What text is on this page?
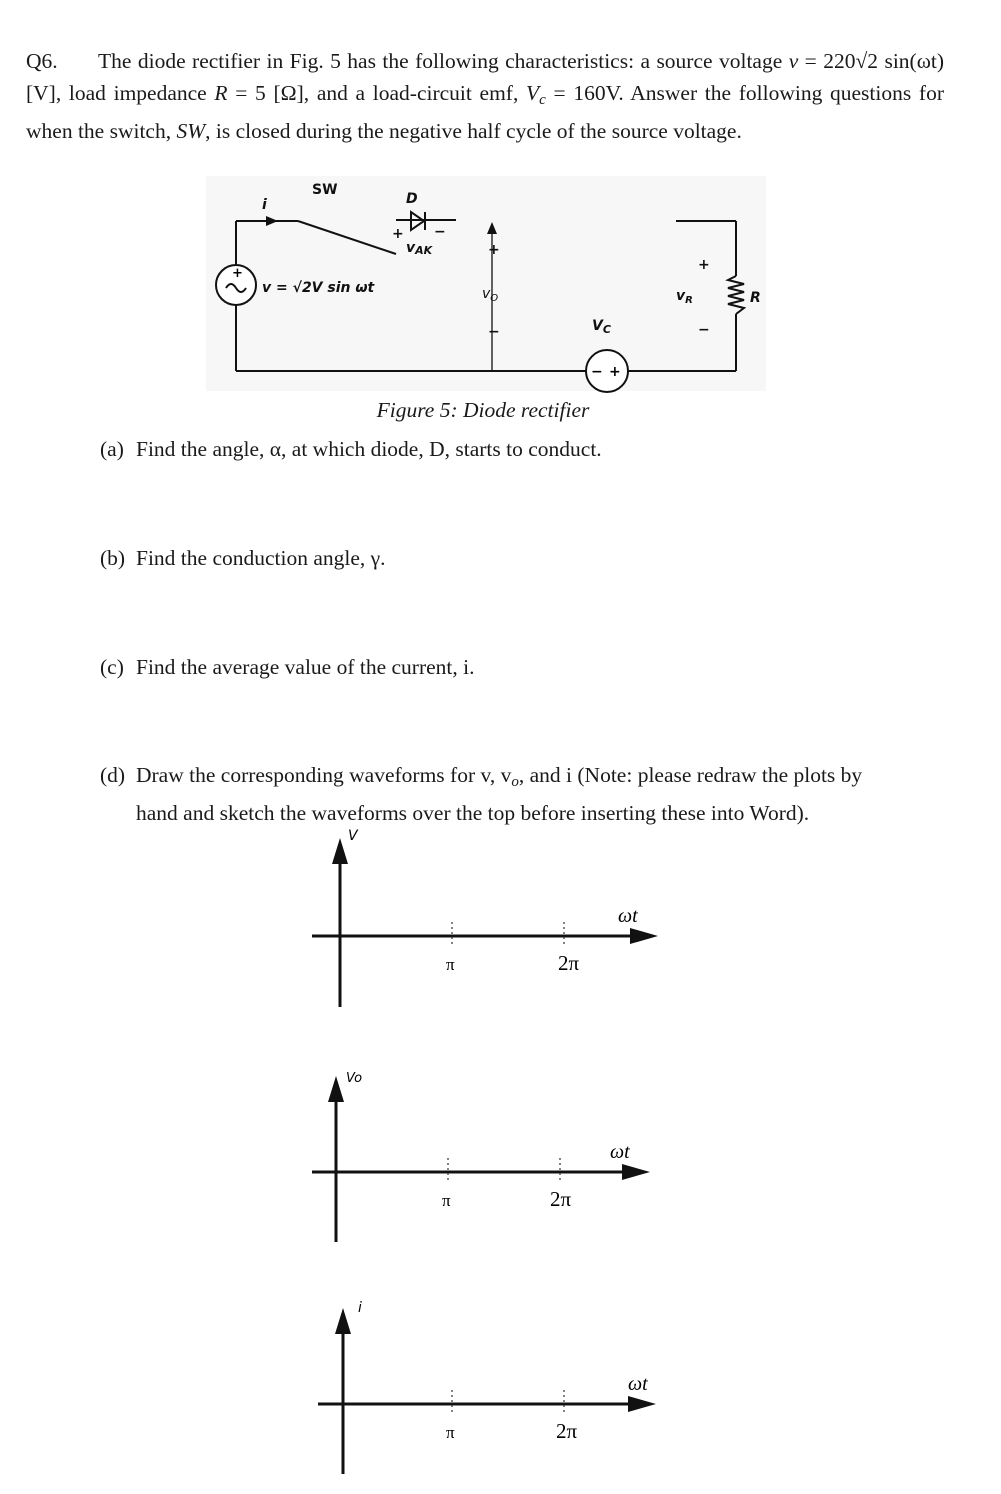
Q6. The diode rectifier in Fig. 5 has the following characteristics: a source voltage v = 220√2 sin(ωt) [V], load impedance R = 5 [Ω], and a load-circuit emf, $V_c = 160V$. Answer the following questions for when the switch, SW, is closed during the negative half cycle of the source voltage.
+
− +
SW
i	D
+ −
vAK	+
−
v = √2V sin ωt	$v_O$
$V_C$
+
−
$v_R$	R
Figure 5: Diode rectifier
(a) Find the angle, α, at which diode, D, starts to conduct.
(b) Find the conduction angle, γ.
(c) Find the average value of the current, i.
(d) Draw the corresponding waveforms for v, $v_o$, and i (Note: please redraw the plots by
hand and sketch the waveforms over the top before inserting these into Word).
V
ωt
π	2π
Vo
ωt
π	2π
i
ωt
π	2π
